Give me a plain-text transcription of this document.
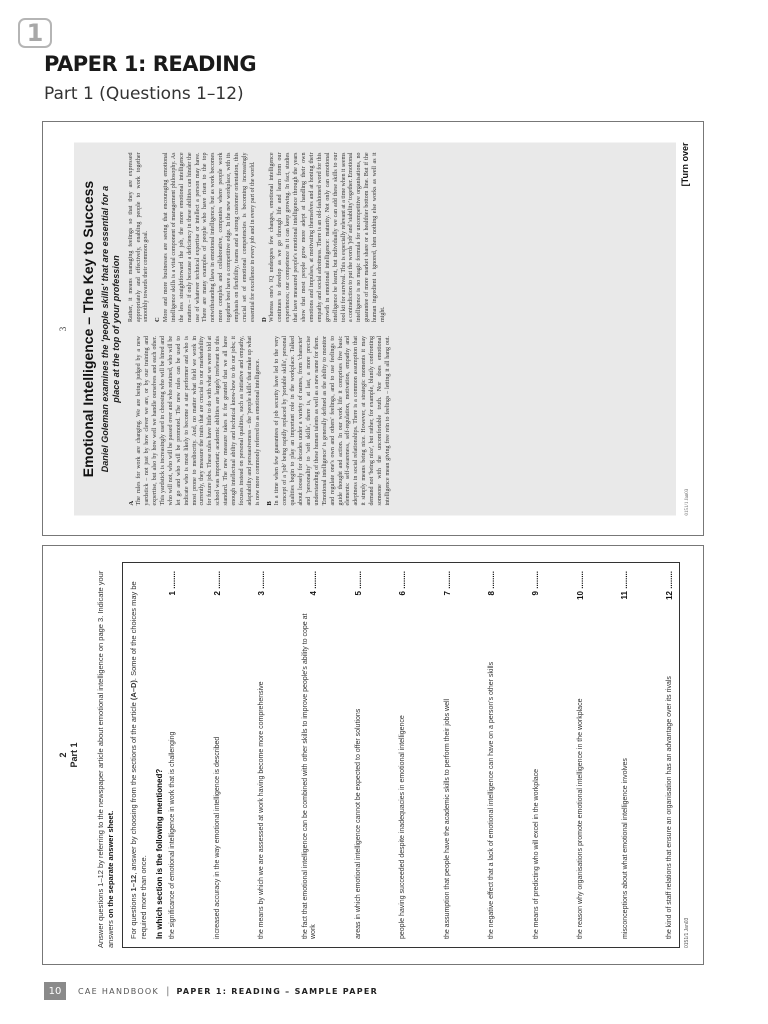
1
PAPER 1: READING
Part 1 (Questions 1–12)
3 Emotional Intelligence – The Key to Success Daniel Goleman examines the 'people skills' that are essential for a place at the top of your profession
A The rules for work are changing. We are being judged by a new yardstick – not just by how clever we are, or by our training and expertise, but also by how well we handle ourselves and each other. This yardstick is increasingly used in choosing who will be hired and who will not, who will be passed over and who retained, who will be let go and who will be promoted. The new rules can be used to indicate who is most likely to become a star performer and who is most prone to mediocrity. And, no matter what field we work in currently, they measure the traits that are crucial to our marketability for future jobs. These rules have little to do with what we were told at school was important; academic abilities are largely irrelevant to this standard. The new measure takes it for granted that we all have enough intellectual ability and technical know-how to do our jobs; it focuses instead on personal qualities, such as initiative and empathy, adaptability and persuasiveness – the 'people skills' that make up what is now more commonly referred to as emotional intelligence. B In a time when few guarantees of job security have led to the very concept of a 'job' being rapidly replaced by 'portable skills', personal qualities begin to play an important role in the workplace. Talked about loosely for decades under a variety of names, from 'character' and 'personality' to 'soft skills', there is, at last, a more precise understanding of these human talents as well as a new name for them. 'Emotional intelligence' is generally defined as the ability to monitor and regulate one's own and others' feelings, and to use feelings to guide thought and action. In our work life it comprises five basic elements: self-awareness, self-regulation, motivation, empathy and adeptness in social relationships. There is a common assumption that it simply means being nice. However, at strategic moments it may demand not 'being nice', but rather, for example, bluntly confronting someone with the uncomfortable truth. Nor does emotional intelligence mean giving free rein to feelings – letting it all hang out. Rather, it means managing feelings so that they are expressed appropriately and effectively, enabling people to work together smoothly towards their common goal. C More and more businesses are seeing that encouraging emotional intelligence skills is a vital component of management philosophy. As the less straightforward the job, the more emotional intelligence matters – if only because a deficiency in these abilities can hinder the use of whatever technical expertise or intellect a person may have. There are many examples of people who have risen to the top notwithstanding flaws in emotional intelligence, but as work becomes more complex and collaborative, companies where people work together best have a competitive edge. In the new workplace, with its emphasis on flexibility, teams and a strong customer orientation, this crucial set of emotional competencies is becoming increasingly essential for excellence in every job and in every part of the world. D Whereas one's IQ undergoes few changes, emotional intelligence continues to develop as we go through life and learn from our experiences; our competence in it can keep growing. In fact, studies that have measured people's emotional intelligence through the years show that most people grow more adept at handling their own emotions and impulses, at motivating themselves and at honing their empathy and social adroitness. There is an old-fashioned word for this growth in emotional intelligence: maturity. Not only can emotional intelligence be learnt, but individually we can add these skills to our tool kit for survival. This is especially relevant at a time when it seems a contradiction to put the words 'job' and 'stability' together. Emotional intelligence is no magic formula for uncompetitive organisations, no guarantee of more market share or a healthier bottom line. But if the human ingredient is ignored, then nothing else works as well as it might.

0151/1 Jan03
[Turn over
2 Part 1 Answer questions 1–12 by referring to the newspaper article about emotional intelligence on page 3. Indicate your answers on the separate answer sheet. For questions 1–12, answer by choosing from the sections of the article (A–D). Some of the choices may be required more than once. In which section is the following mentioned? the significance of emotional intelligence in work that is challenging
1 ........
increased accuracy in the way emotional intelligence is described
2 ........
the means by which we are assessed at work having become more comprehensive
3 ........
the fact that emotional intelligence can be combined with other skills to improve people's ability to cope at work
4 ........
areas in which emotional intelligence cannot be expected to offer solutions
5 ........
people having succeeded despite inadequacies in emotional intelligence
6 ........
the assumption that people have the academic skills to perform their jobs well
7 ........
the negative effect that a lack of emotional intelligence can have on a person's other skills
8 ........
the means of predicting who will excel in the workplace
9 ........
the reason why organisations promote emotional intelligence in the workplace
10 ........
misconceptions about what emotional intelligence involves
11 ........
the kind of staff relations that ensure an organisation has an advantage over its rivals
12 ........
0151/1 Jan03
10	CAE HANDBOOK | PAPER 1: READING – SAMPLE PAPER
